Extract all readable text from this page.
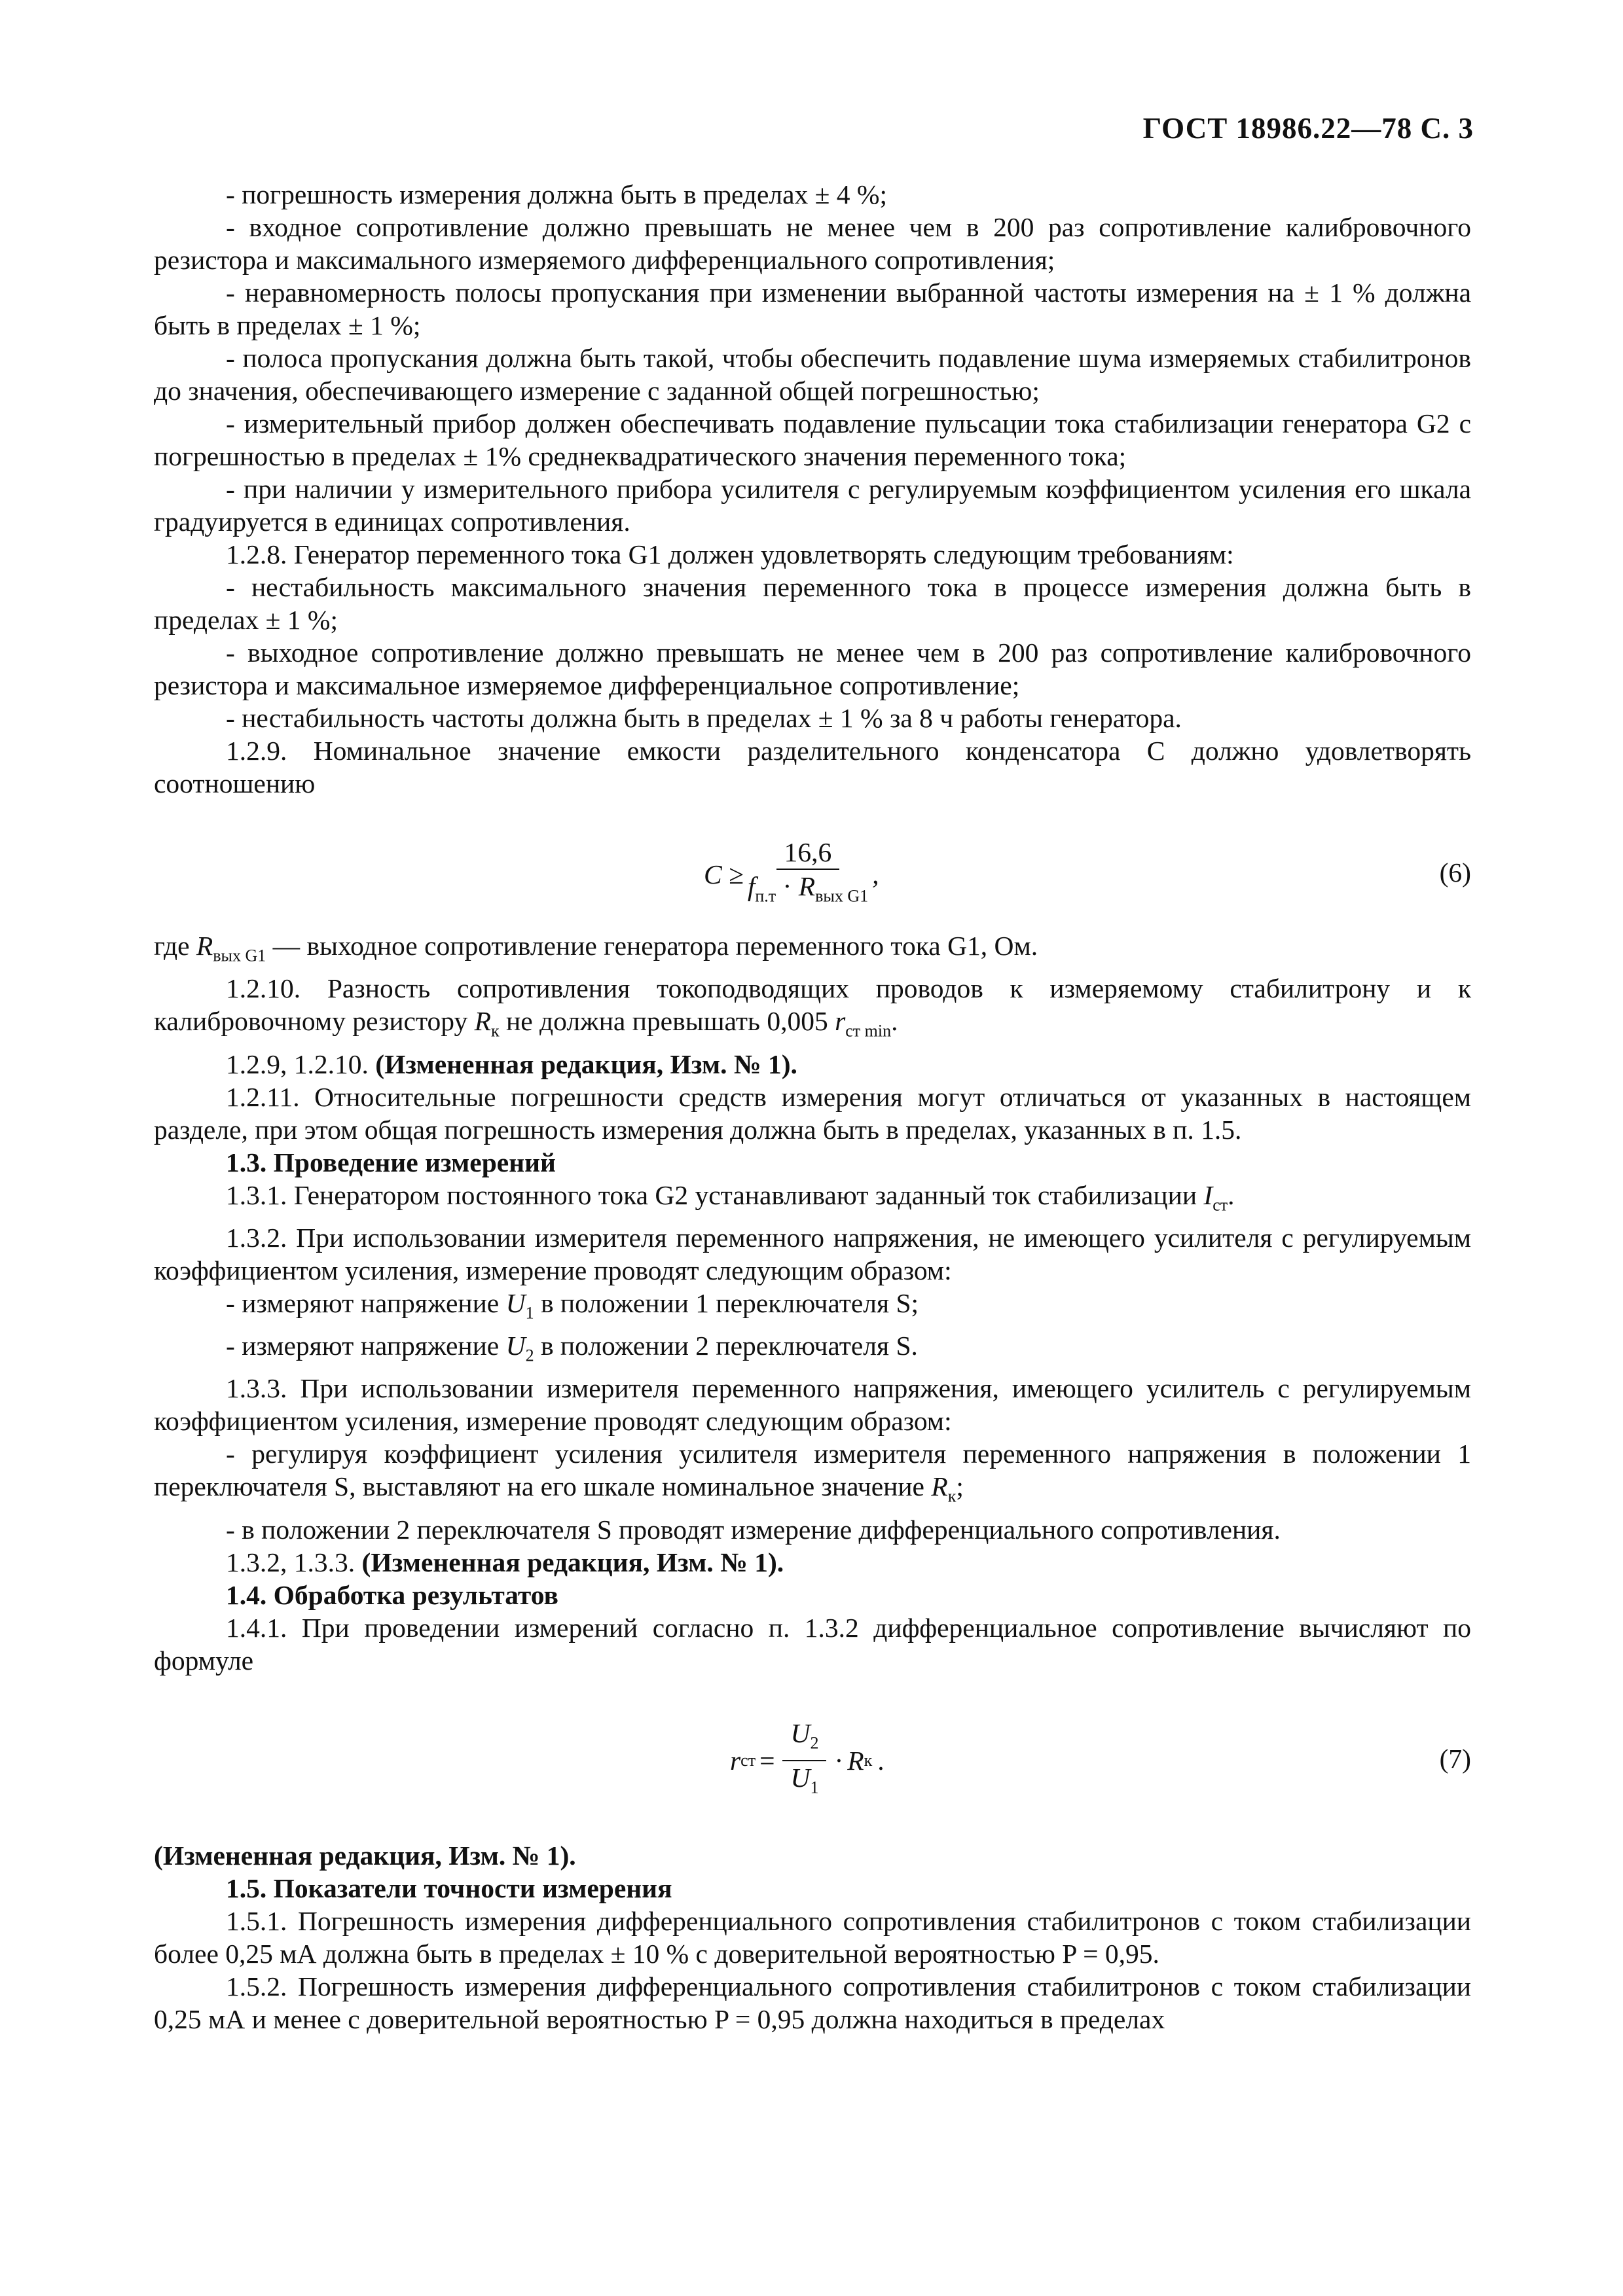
ГОСТ 18986.22—78 С. 3

- погрешность измерения должна быть в пределах ± 4 %;

- входное сопротивление должно превышать не менее чем в 200 раз сопротивление калибровочного резистора и максимального измеряемого дифференциального сопротивления;

- неравномерность полосы пропускания при изменении выбранной частоты измерения на ± 1 % должна быть в пределах ± 1 %;

- полоса пропускания должна быть такой, чтобы обеспечить подавление шума измеряемых стабилитронов до значения, обеспечивающего измерение с заданной общей погрешностью;

- измерительный прибор должен обеспечивать подавление пульсации тока стабилизации генератора G2 с погрешностью в пределах ± 1% среднеквадратического значения переменного тока;

- при наличии у измерительного прибора усилителя с регулируемым коэффициентом усиления его шкала градуируется в единицах сопротивления.

1.2.8. Генератор переменного тока G1 должен удовлетворять следующим требованиям:

- нестабильность максимального значения переменного тока в процессе измерения должна быть в пределах ± 1 %;

- выходное сопротивление должно превышать не менее чем в 200 раз сопротивление калибровочного резистора и максимальное измеряемое дифференциальное сопротивление;

- нестабильность частоты должна быть в пределах ± 1 % за 8 ч работы генератора.

1.2.9. Номинальное значение емкости разделительного конденсатора C должно удовлетворять соотношению

$C \ge \frac{16,6}{f_{п.т} \cdot R_{вых G1}}$ ,	(6)

где $R_{вых G1}$ — выходное сопротивление генератора переменного тока G1, Ом.

1.2.10. Разность сопротивления токоподводящих проводов к измеряемому стабилитрону и к калибровочному резистору $R_к$ не должна превышать 0,005 $r_{ст min}$.

1.2.9, 1.2.10. (Измененная редакция, Изм. № 1).

1.2.11. Относительные погрешности средств измерения могут отличаться от указанных в настоящем разделе, при этом общая погрешность измерения должна быть в пределах, указанных в п. 1.5.

1.3. Проведение измерений

1.3.1. Генератором постоянного тока G2 устанавливают заданный ток стабилизации $I_{ст}$.

1.3.2. При использовании измерителя переменного напряжения, не имеющего усилителя с регулируемым коэффициентом усиления, измерение проводят следующим образом:

- измеряют напряжение $U_1$ в положении 1 переключателя S;

- измеряют напряжение $U_2$ в положении 2 переключателя S.

1.3.3. При использовании измерителя переменного напряжения, имеющего усилитель с регулируемым коэффициентом усиления, измерение проводят следующим образом:

- регулируя коэффициент усиления усилителя измерителя переменного напряжения в положении 1 переключателя S, выставляют на его шкале номинальное значение $R_к$;

- в положении 2 переключателя S проводят измерение дифференциального сопротивления.

1.3.2, 1.3.3. (Измененная редакция, Изм. № 1).

1.4. Обработка результатов

1.4.1. При проведении измерений согласно п. 1.3.2 дифференциальное сопротивление вычисляют по формуле

r ст = $\frac{U_2}{U_1} \cdot R$ к .	(7)

(Измененная редакция, Изм. № 1).

1.5. Показатели точности измерения

1.5.1. Погрешность измерения дифференциального сопротивления стабилитронов с током стабилизации более 0,25 мА должна быть в пределах ± 10 % с доверительной вероятностью P = 0,95.

1.5.2. Погрешность измерения дифференциального сопротивления стабилитронов с током стабилизации 0,25 мА и менее с доверительной вероятностью P = 0,95 должна находиться в пределах
